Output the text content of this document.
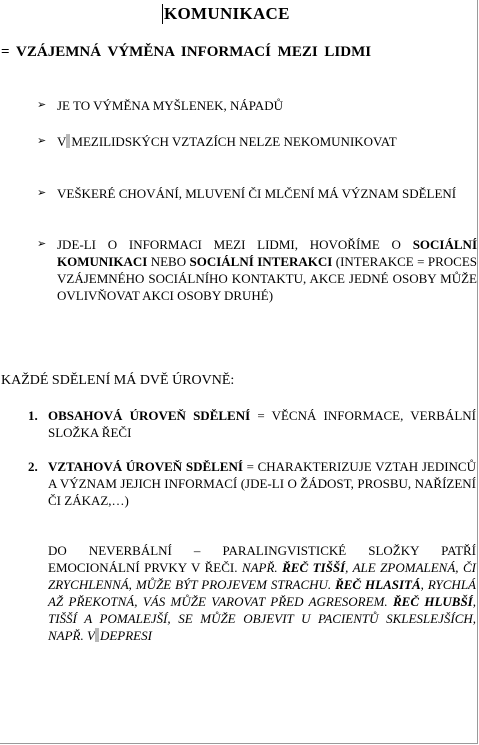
KOMUNIKACE
= VZÁJEMNÁ VÝMĚNA INFORMACÍ MEZI LIDMI
➢ JE TO VÝMĚNA MYŠLENEK, NÁPADŮ
➢ V MEZILIDSKÝCH VZTAZÍCH NELZE NEKOMUNIKOVAT
➢ VEŠKERÉ CHOVÁNÍ, MLUVENÍ ČI MLČENÍ MÁ VÝZNAM SDĚLENÍ
➢ JDE-LI O INFORMACI MEZI LIDMI, HOVOŘÍME O SOCIÁLNÍ KOMUNIKACI NEBO SOCIÁLNÍ INTERAKCI (INTERAKCE = PROCES VZÁJEMNÉHO SOCIÁLNÍHO KONTAKTU, AKCE JEDNÉ OSOBY MŮŽE OVLIVŇOVAT AKCI OSOBY DRUHÉ)
KAŽDÉ SDĚLENÍ MÁ DVĚ ÚROVNĚ:
1. OBSAHOVÁ ÚROVEŇ SDĚLENÍ = VĚCNÁ INFORMACE, VERBÁLNÍ SLOŽKA ŘEČI
2. VZTAHOVÁ ÚROVEŇ SDĚLENÍ = CHARAKTERIZUJE VZTAH JEDINCŮ A VÝZNAM JEJICH INFORMACÍ (JDE-LI O ŽÁDOST, PROSBU, NAŘÍZENÍ ČI ZÁKAZ,…)
DO NEVERBÁLNÍ – PARALINGVISTICKÉ SLOŽKY PATŘÍ EMOCIONÁLNÍ PRVKY V ŘEČI. NAPŘ. ŘEČ TIŠŠÍ, ALE ZPOMALENÁ, ČI ZRYCHLENNÁ, MŮŽE BÝT PROJEVEM STRACHU. ŘEČ HLASITÁ, RYCHLÁ AŽ PŘEKOTNÁ, VÁS MŮŽE VAROVAT PŘED AGRESOREM. ŘEČ HLUBŠÍ, TIŠŠÍ A POMALEJŠÍ, SE MŮŽE OBJEVIT U PACIENTŮ SKLESLEJŠÍCH, NAPŘ. V DEPRESI
